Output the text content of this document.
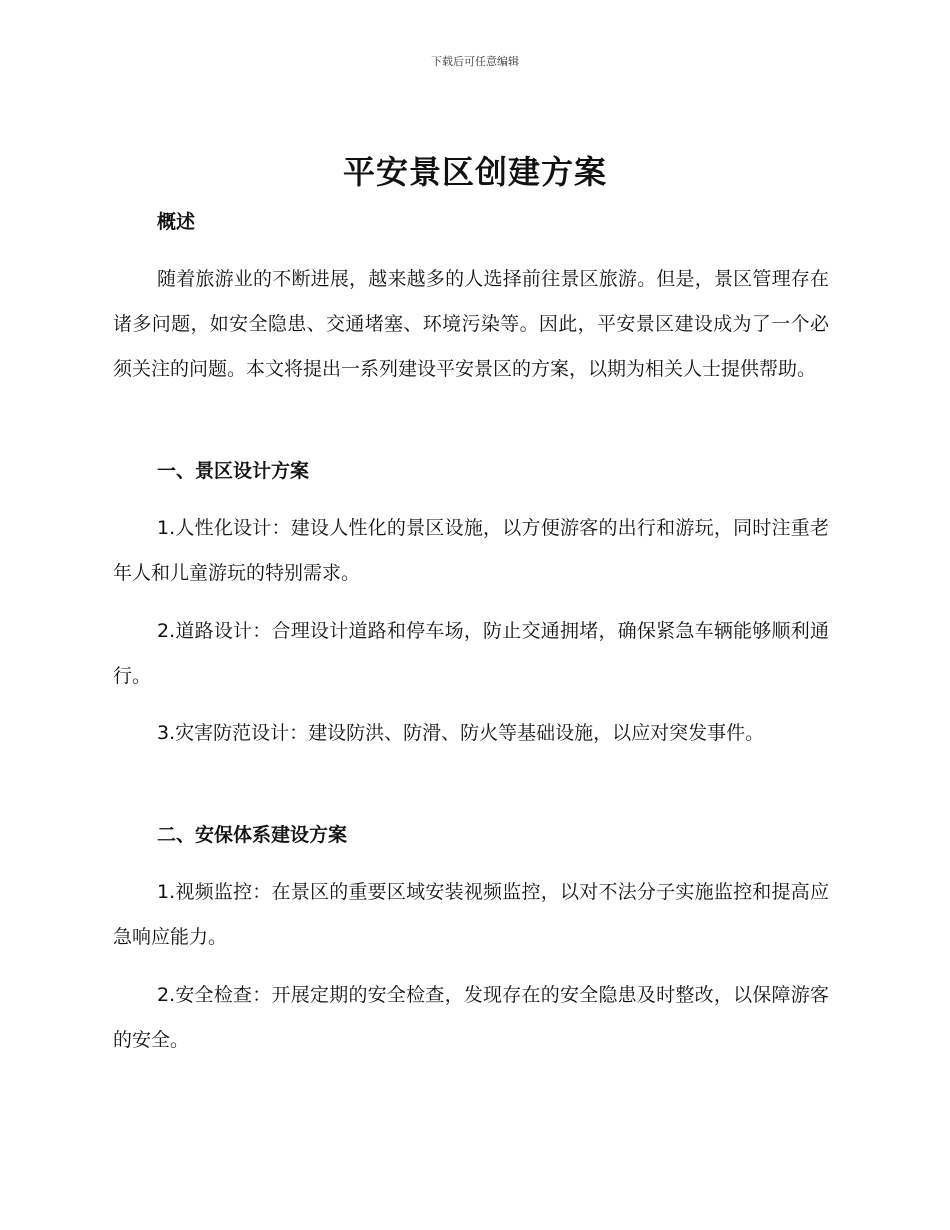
下载后可任意编辑
平安景区创建方案
概述
随着旅游业的不断进展，越来越多的人选择前往景区旅游。但是，景区管理存在诸多问题，如安全隐患、交通堵塞、环境污染等。因此，平安景区建设成为了一个必须关注的问题。本文将提出一系列建设平安景区的方案，以期为相关人士提供帮助。
一、景区设计方案
1.人性化设计：建设人性化的景区设施，以方便游客的出行和游玩，同时注重老年人和儿童游玩的特别需求。
2.道路设计：合理设计道路和停车场，防止交通拥堵，确保紧急车辆能够顺利通行。
3.灾害防范设计：建设防洪、防滑、防火等基础设施，以应对突发事件。
二、安保体系建设方案
1.视频监控：在景区的重要区域安装视频监控，以对不法分子实施监控和提高应急响应能力。
2.安全检查：开展定期的安全检查，发现存在的安全隐患及时整改，以保障游客的安全。
